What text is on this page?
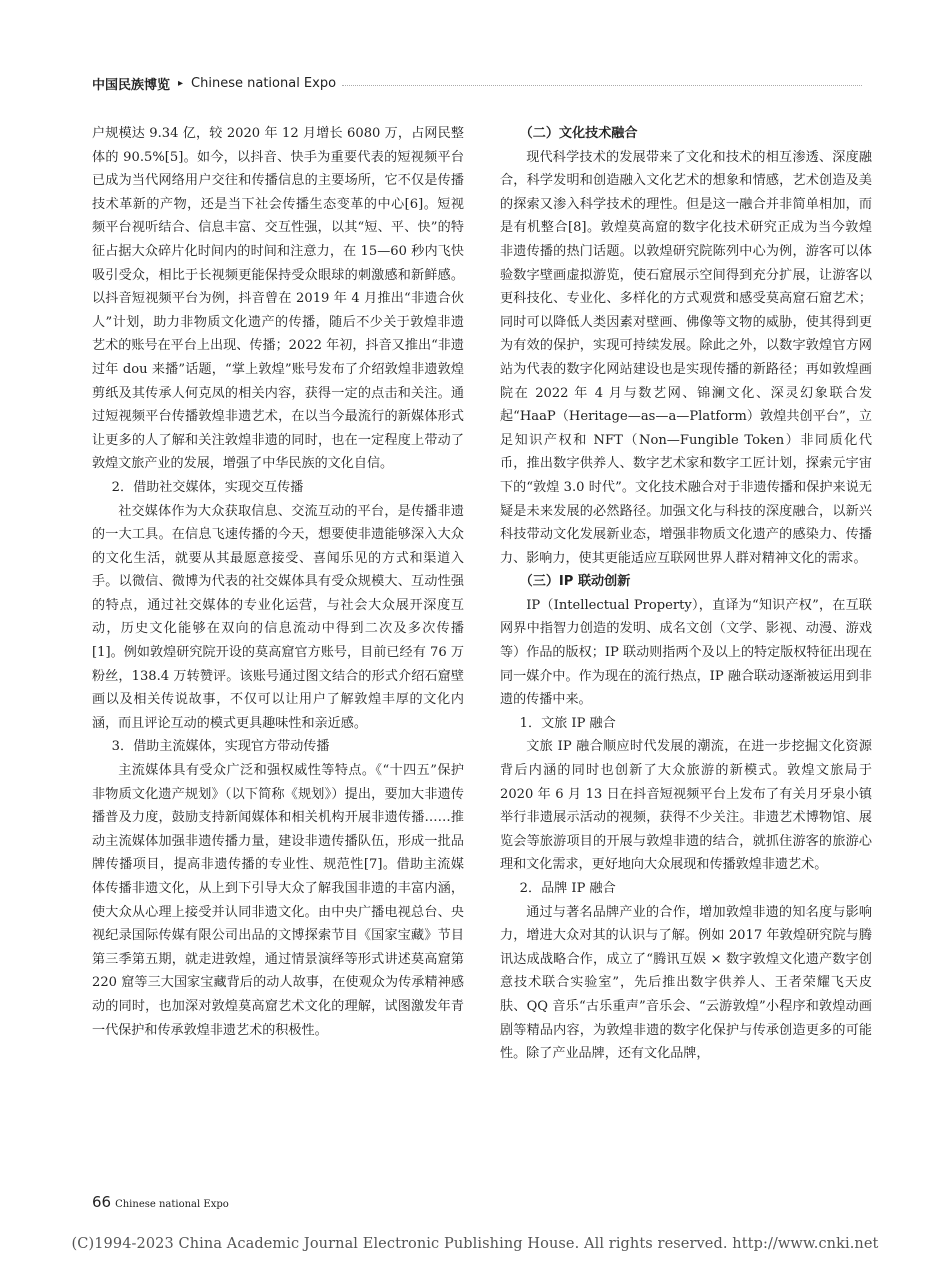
中国民族博览 ▸ Chinese national Expo

户规模达 9.34 亿，较 2020 年 12 月增长 6080 万，占网民整体的 90.5%[5]。如今，以抖音、快手为重要代表的短视频平台已成为当代网络用户交往和传播信息的主要场所，它不仅是传播技术革新的产物，还是当下社会传播生态变革的中心[6]。短视频平台视听结合、信息丰富、交互性强，以其“短、平、快”的特征占据大众碎片化时间内的时间和注意力，在 15—60 秒内飞快吸引受众，相比于长视频更能保持受众眼球的刺激感和新鲜感。以抖音短视频平台为例，抖音曾在 2019 年 4 月推出“非遗合伙人”计划，助力非物质文化遗产的传播，随后不少关于敦煌非遗艺术的账号在平台上出现、传播；2022 年初，抖音又推出“非遗过年 dou 来播”话题，“掌上敦煌”账号发布了介绍敦煌非遗敦煌剪纸及其传承人何克凤的相关内容，获得一定的点击和关注。通过短视频平台传播敦煌非遗艺术，在以当今最流行的新媒体形式让更多的人了解和关注敦煌非遗的同时，也在一定程度上带动了敦煌文旅产业的发展，增强了中华民族的文化自信。

2．借助社交媒体，实现交互传播

社交媒体作为大众获取信息、交流互动的平台，是传播非遗的一大工具。在信息飞速传播的今天，想要使非遗能够深入大众的文化生活，就要从其最愿意接受、喜闻乐见的方式和渠道入手。以微信、微博为代表的社交媒体具有受众规模大、互动性强的特点，通过社交媒体的专业化运营，与社会大众展开深度互动，历史文化能够在双向的信息流动中得到二次及多次传播[1]。例如敦煌研究院开设的莫高窟官方账号，目前已经有 76 万粉丝，138.4 万转赞评。该账号通过图文结合的形式介绍石窟壁画以及相关传说故事，不仅可以让用户了解敦煌丰厚的文化内涵，而且评论互动的模式更具趣味性和亲近感。

3．借助主流媒体，实现官方带动传播

主流媒体具有受众广泛和强权威性等特点。《“十四五”保护非物质文化遗产规划》（以下简称《规划》）提出，要加大非遗传播普及力度，鼓励支持新闻媒体和相关机构开展非遗传播……推动主流媒体加强非遗传播力量，建设非遗传播队伍，形成一批品牌传播项目，提高非遗传播的专业性、规范性[7]。借助主流媒体传播非遗文化，从上到下引导大众了解我国非遗的丰富内涵，使大众从心理上接受并认同非遗文化。由中央广播电视总台、央视纪录国际传媒有限公司出品的文博探索节目《国家宝藏》节目第三季第五期，就走进敦煌，通过情景演绎等形式讲述莫高窟第 220 窟等三大国家宝藏背后的动人故事，在使观众为传承精神感动的同时，也加深对敦煌莫高窟艺术文化的理解，试图激发年青一代保护和传承敦煌非遗艺术的积极性。

（二）文化技术融合

现代科学技术的发展带来了文化和技术的相互渗透、深度融合，科学发明和创造融入文化艺术的想象和情感，艺术创造及美的探索又渗入科学技术的理性。但是这一融合并非简单相加，而是有机整合[8]。敦煌莫高窟的数字化技术研究正成为当今敦煌非遗传播的热门话题。以敦煌研究院陈列中心为例，游客可以体验数字壁画虚拟游览，使石窟展示空间得到充分扩展，让游客以更科技化、专业化、多样化的方式观赏和感受莫高窟石窟艺术；同时可以降低人类因素对壁画、佛像等文物的威胁，使其得到更为有效的保护，实现可持续发展。除此之外，以数字敦煌官方网站为代表的数字化网站建设也是实现传播的新路径；再如敦煌画院在 2022 年 4 月与数艺网、锦澜文化、深灵幻象联合发起“HaaP（Heritage—as—a—Platform）敦煌共创平台”，立足知识产权和 NFT（Non—Fungible Token）非同质化代币，推出数字供养人、数字艺术家和数字工匠计划，探索元宇宙下的“敦煌 3.0 时代”。文化技术融合对于非遗传播和保护来说无疑是未来发展的必然路径。加强文化与科技的深度融合，以新兴科技带动文化发展新业态，增强非物质文化遗产的感染力、传播力、影响力，使其更能适应互联网世界人群对精神文化的需求。

（三）IP 联动创新

IP（Intellectual Property），直译为“知识产权”，在互联网界中指智力创造的发明、成名文创（文学、影视、动漫、游戏等）作品的版权；IP 联动则指两个及以上的特定版权特征出现在同一媒介中。作为现在的流行热点，IP 融合联动逐渐被运用到非遗的传播中来。

1．文旅 IP 融合

文旅 IP 融合顺应时代发展的潮流，在进一步挖掘文化资源背后内涵的同时也创新了大众旅游的新模式。敦煌文旅局于 2020 年 6 月 13 日在抖音短视频平台上发布了有关月牙泉小镇举行非遗展示活动的视频，获得不少关注。非遗艺术博物馆、展览会等旅游项目的开展与敦煌非遗的结合，就抓住游客的旅游心理和文化需求，更好地向大众展现和传播敦煌非遗艺术。

2．品牌 IP 融合

通过与著名品牌产业的合作，增加敦煌非遗的知名度与影响力，增进大众对其的认识与了解。例如 2017 年敦煌研究院与腾讯达成战略合作，成立了“腾讯互娱 × 数字敦煌文化遗产数字创意技术联合实验室”，先后推出数字供养人、王者荣耀飞天皮肤、QQ 音乐“古乐重声”音乐会、“云游敦煌”小程序和敦煌动画剧等精品内容，为敦煌非遗的数字化保护与传承创造更多的可能性。除了产业品牌，还有文化品牌，

66 Chinese national Expo
(C)1994-2023 China Academic Journal Electronic Publishing House. All rights reserved. http://www.cnki.net
